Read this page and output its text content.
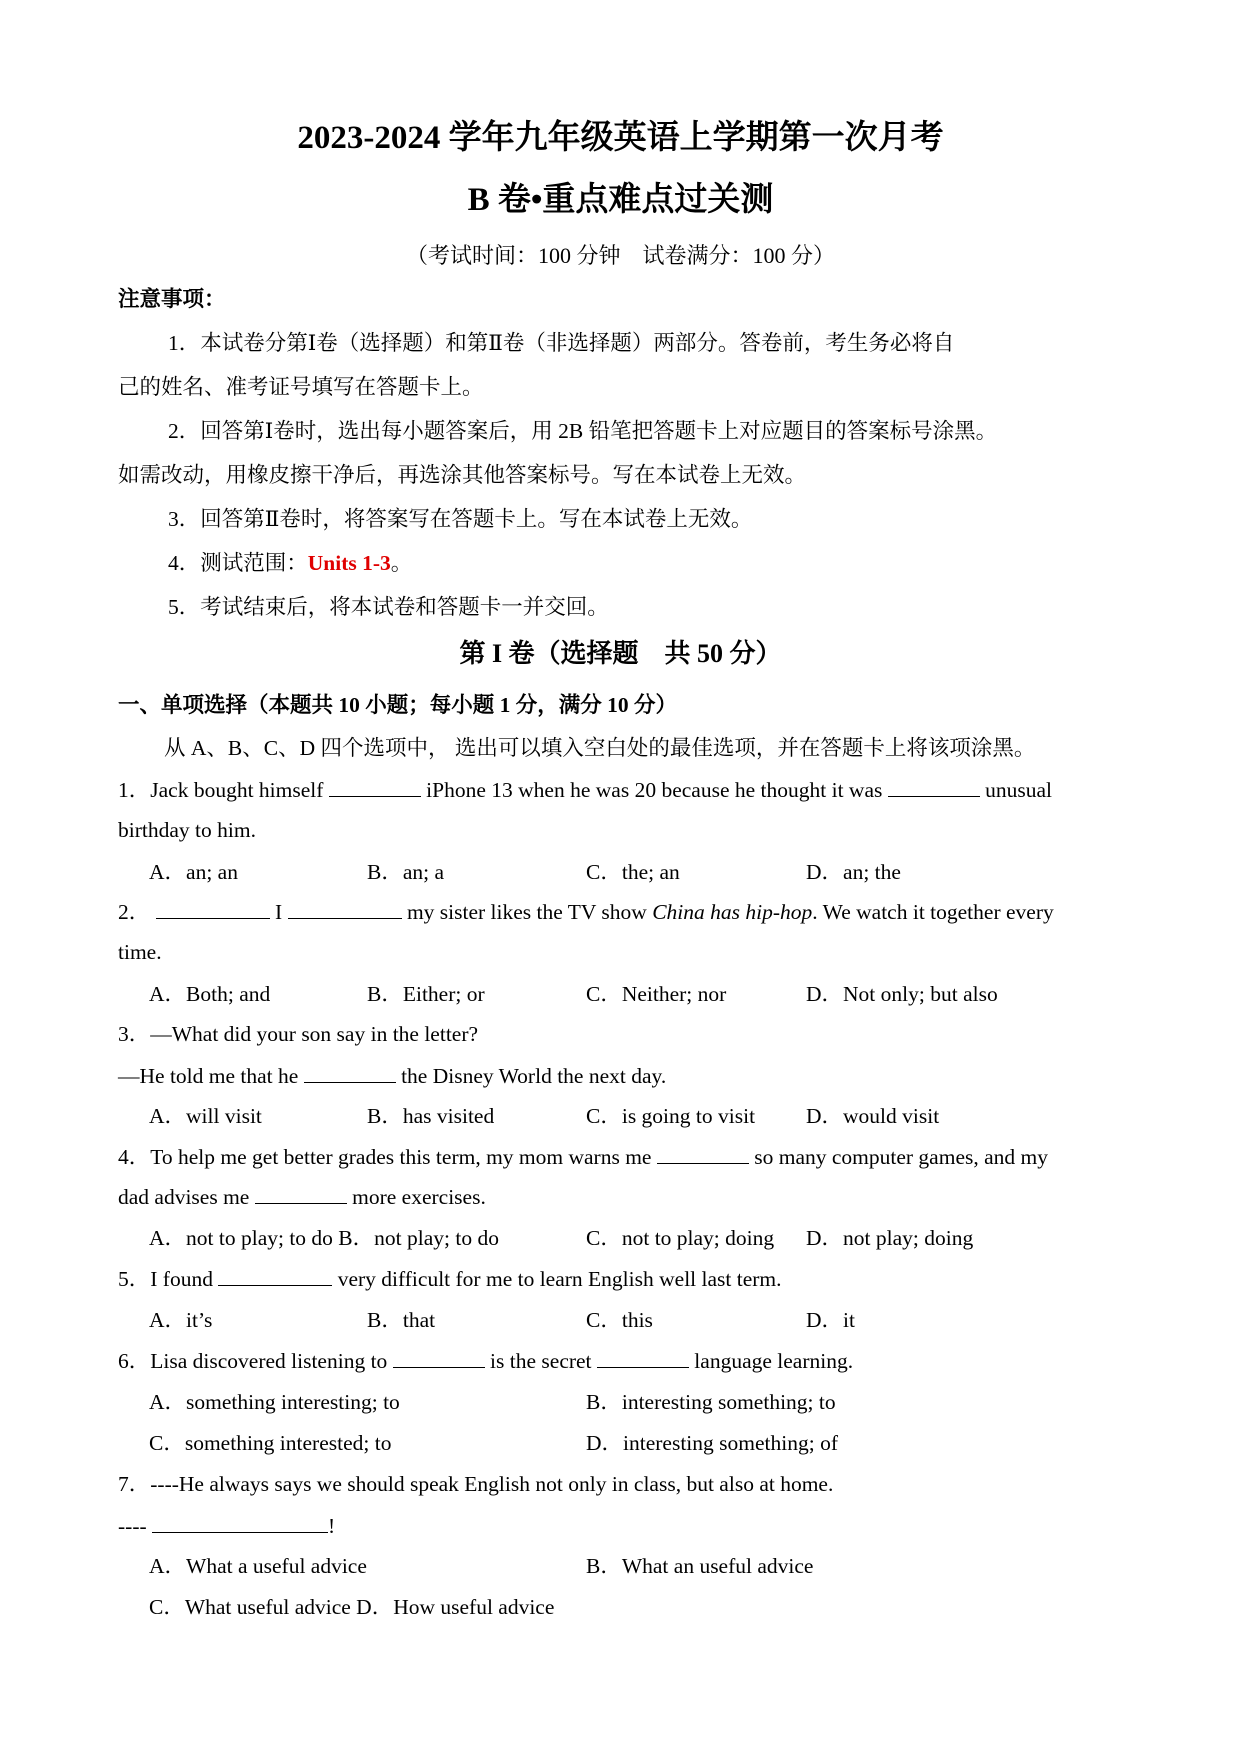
2023-2024 学年九年级英语上学期第一次月考
B 卷•重点难点过关测
（考试时间：100 分钟　试卷满分：100 分）
注意事项：
1．本试卷分第Ⅰ卷（选择题）和第Ⅱ卷（非选择题）两部分。答卷前，考生务必将自
己的姓名、准考证号填写在答题卡上。
2．回答第Ⅰ卷时，选出每小题答案后，用 2B 铅笔把答题卡上对应题目的答案标号涂黑。
如需改动，用橡皮擦干净后，再选涂其他答案标号。写在本试卷上无效。
3．回答第Ⅱ卷时，将答案写在答题卡上。写在本试卷上无效。
4．测试范围：Units 1-3。
5．考试结束后，将本试卷和答题卡一并交回。
第 I 卷（选择题　共 50 分）
一、单项选择（本题共 10 小题；每小题 1 分，满分 10 分）
从 A、B、C、D 四个选项中， 选出可以填入空白处的最佳选项，并在答题卡上将该项涂黑。
1．Jack bought himself	iPhone 13 when he was 20 because he thought it was	unusual
birthday to him.
A．an; an	B．an; a	C．the; an	D．an; the
2．	I	my sister likes the TV show China has hip-hop. We watch it together every
time.
A．Both; and	B．Either; or	C．Neither; nor	D．Not only; but also
3．—What did your son say in the letter?
—He told me that he	the Disney World the next day.
A．will visit	B．has visited	C．is going to visit D．would visit
4．To help me get better grades this term, my mom warns me	so many computer games, and my
dad advises me	more exercises.
A．not to play; to do B．not play; to do	C．not to play; doing D．not play; doing
5．I found	very difficult for me to learn English well last term.
A．it’s	B．that	C．this	D．it
6．Lisa discovered listening to	is the secret	language learning.
A．something interesting; to	B．interesting something; to
C．something interested; to	D．interesting something; of
7．----He always says we should speak English not only in class, but also at home.
----	!
A．What a useful advice	B．What an useful advice
C．What useful advice D．How useful advice
